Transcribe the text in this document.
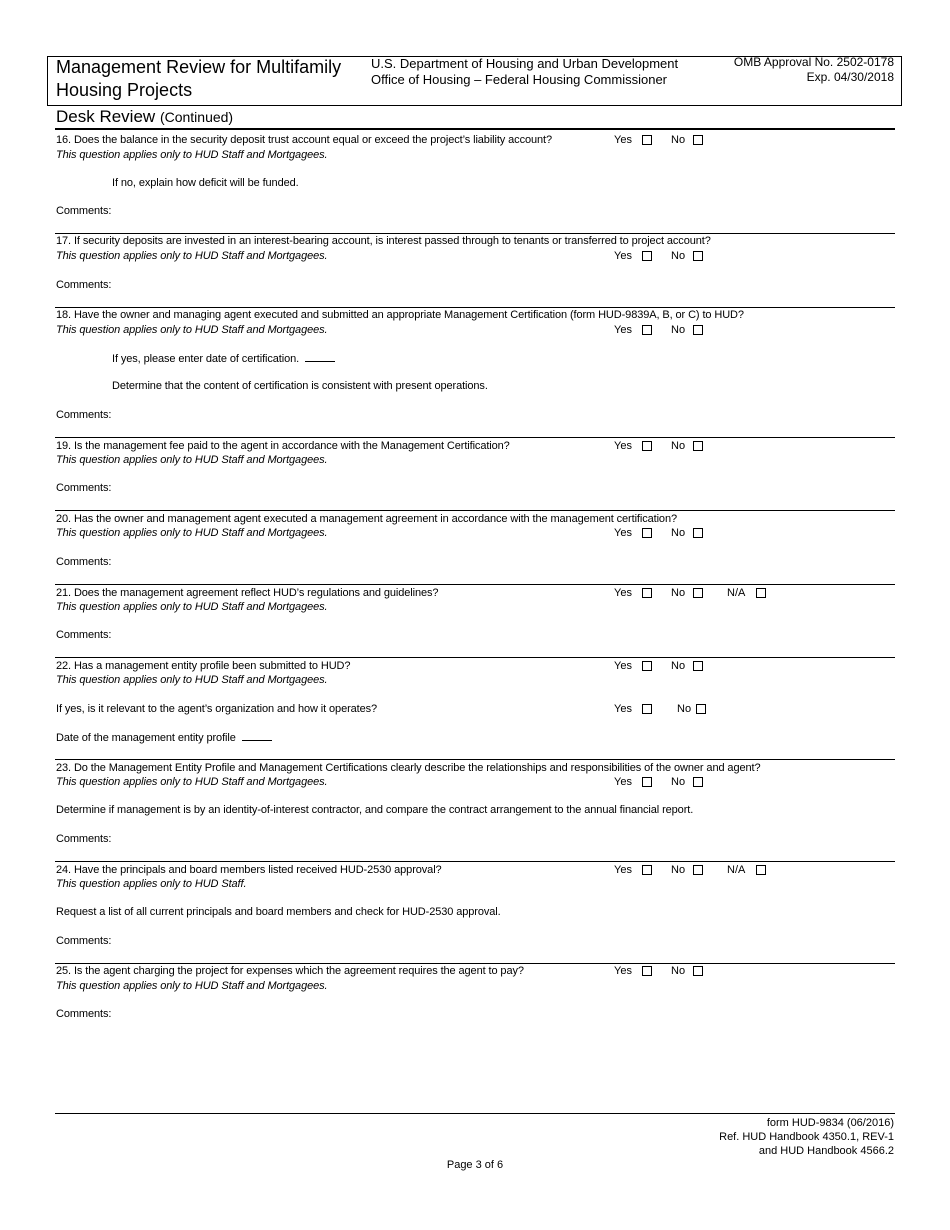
Management Review for Multifamily
Housing Projects
U.S. Department of Housing and Urban Development
Office of Housing – Federal Housing Commissioner
OMB Approval No. 2502-0178
Exp. 04/30/2018
Desk Review (Continued)
16. Does the balance in the security deposit trust account equal or exceed the project’s liability account?
This question applies only to HUD Staff and Mortgagees.
Yes	No
If no, explain how deficit will be funded.
Comments:
17. If security deposits are invested in an interest-bearing account, is interest passed through to tenants or transferred to project account?
This question applies only to HUD Staff and Mortgagees.	Yes	No
Comments:
18. Have the owner and managing agent executed and submitted an appropriate Management Certification (form HUD-9839A, B, or C) to HUD?
This question applies only to HUD Staff and Mortgagees.	Yes	No
If yes, please enter date of certification.
Determine that the content of certification is consistent with present operations.
Comments:
19. Is the management fee paid to the agent in accordance with the Management Certification?
This question applies only to HUD Staff and Mortgagees.
Yes	No
Comments:
20. Has the owner and management agent executed a management agreement in accordance with the management certification?
This question applies only to HUD Staff and Mortgagees.	Yes	No
Comments:
21. Does the management agreement reflect HUD’s regulations and guidelines?
This question applies only to HUD Staff and Mortgagees.
Yes	No	N/A
Comments:
22. Has a management entity profile been submitted to HUD?
This question applies only to HUD Staff and Mortgagees.
Yes	No
If yes, is it relevant to the agent’s organization and how it operates?	Yes	No
Date of the management entity profile
23. Do the Management Entity Profile and Management Certifications clearly describe the relationships and responsibilities of the owner and agent?
This question applies only to HUD Staff and Mortgagees.	Yes	No
Determine if management is by an identity-of-interest contractor, and compare the contract arrangement to the annual financial report.
Comments:
24. Have the principals and board members listed received HUD-2530 approval?
This question applies only to HUD Staff.
Yes	No	N/A
Request a list of all current principals and board members and check for HUD-2530 approval.
Comments:
25. Is the agent charging the project for expenses which the agreement requires the agent to pay?
This question applies only to HUD Staff and Mortgagees.
Yes	No
Comments:
form HUD-9834 (06/2016)
Ref. HUD Handbook 4350.1, REV-1
and HUD Handbook 4566.2
Page 3 of 6
